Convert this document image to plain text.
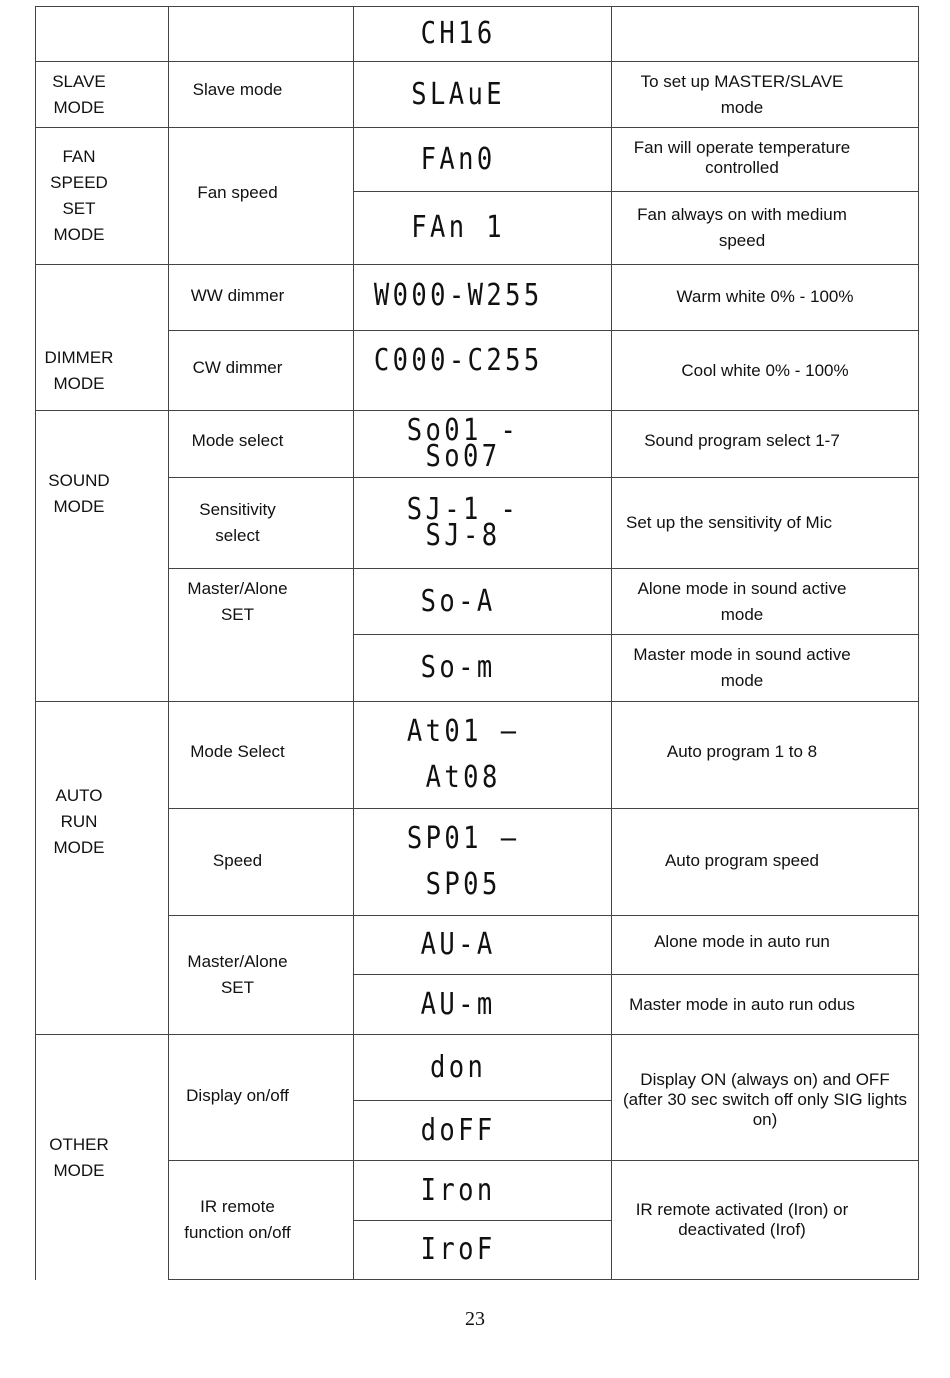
SLAVE
MODE
FAN
SPEED
SET
MODE
DIMMER
MODE
SOUND
MODE
AUTO
RUN
MODE
OTHER
MODE
Slave mode
Fan speed
WW dimmer
CW dimmer
Mode select
Sensitivity
select
Master/Alone
SET
Mode Select
Speed
Master/Alone
SET
Display on/off
IR remote
function on/off
CH16
SLAuE
FAn0
FAn 1
W000-W255
C000-C255
So01 - So07
SJ-1 - SJ-8
So-A
So-m
At01 –
At08
SP01 –
SP05
AU-A
AU-m
don
doFF
Iron
IroF
To set up MASTER/SLAVE
mode
Fan will operate temperature
controlled
Fan always on with medium
speed
Warm white 0% - 100%
Cool white 0% - 100%
Sound program select 1-7
Set up the sensitivity of Mic
Alone mode in sound active
mode
Master mode in sound active
mode
Auto program 1 to 8
Auto program speed
Alone mode in auto run
Master mode in auto run odus
Display ON (always on) and OFF
(after 30 sec switch off only SIG lights
on)
IR remote activated (Iron) or
deactivated (Irof)
23
